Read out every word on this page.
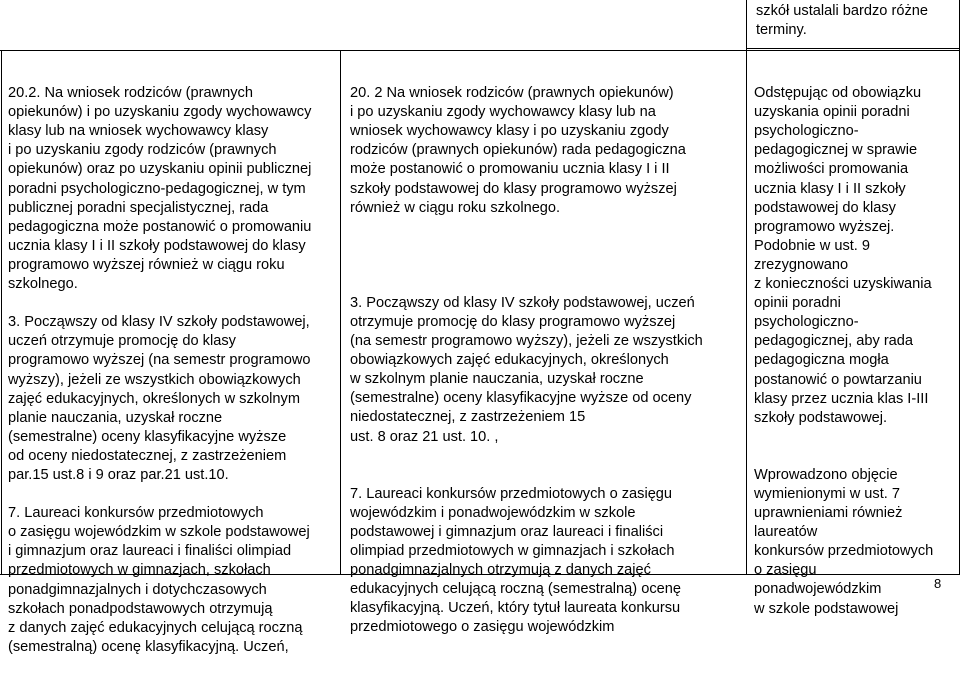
szkół ustalali bardzo różne
terminy.

20.2. Na wniosek rodziców (prawnych
opiekunów) i po uzyskaniu zgody wychowawcy
klasy lub na wniosek wychowawcy klasy
i po uzyskaniu zgody rodziców (prawnych
opiekunów) oraz po uzyskaniu opinii publicznej
poradni psychologiczno-pedagogicznej, w tym
publicznej poradni specjalistycznej, rada
pedagogiczna może postanowić o promowaniu
ucznia klasy I i II szkoły podstawowej do klasy
programowo wyższej również w ciągu roku
szkolnego.

3. Począwszy od klasy IV szkoły podstawowej,
uczeń otrzymuje promocję do klasy
programowo wyższej (na semestr programowo
wyższy), jeżeli ze wszystkich obowiązkowych
zajęć edukacyjnych, określonych w szkolnym
planie nauczania, uzyskał roczne
(semestralne) oceny klasyfikacyjne wyższe
od oceny niedostatecznej, z zastrzeżeniem
par.15 ust.8 i 9 oraz par.21 ust.10.

7. Laureaci konkursów przedmiotowych
o zasięgu wojewódzkim w szkole podstawowej
i gimnazjum oraz laureaci i finaliści olimpiad
przedmiotowych w gimnazjach, szkołach
ponadgimnazjalnych i dotychczasowych
szkołach ponadpodstawowych otrzymują
z danych zajęć edukacyjnych celującą roczną
(semestralną) ocenę klasyfikacyjną. Uczeń,

20. 2 Na wniosek rodziców (prawnych opiekunów)
i po uzyskaniu zgody wychowawcy klasy lub na
wniosek wychowawcy klasy i po uzyskaniu zgody
rodziców (prawnych opiekunów) rada pedagogiczna
może postanowić o promowaniu ucznia klasy I i II
szkoły podstawowej do klasy programowo wyższej
również w ciągu roku szkolnego.

3. Począwszy od klasy IV szkoły podstawowej, uczeń
otrzymuje promocję do klasy programowo wyższej
(na semestr programowo wyższy), jeżeli ze wszystkich
obowiązkowych zajęć edukacyjnych, określonych
w szkolnym planie nauczania, uzyskał roczne
(semestralne) oceny klasyfikacyjne wyższe od oceny
niedostatecznej, z zastrzeżeniem 15
ust. 8 oraz 21 ust. 10. ,

7. Laureaci konkursów przedmiotowych o zasięgu
wojewódzkim i ponadwojewódzkim w szkole
podstawowej i gimnazjum oraz laureaci i finaliści
olimpiad przedmiotowych w gimnazjach i szkołach
ponadgimnazjalnych otrzymują z danych zajęć
edukacyjnych celującą roczną (semestralną) ocenę
klasyfikacyjną. Uczeń, który tytuł laureata konkursu
przedmiotowego o zasięgu wojewódzkim

Odstępując od obowiązku
uzyskania opinii poradni
psychologiczno-
pedagogicznej w sprawie
możliwości promowania
ucznia klasy I i II szkoły
podstawowej do klasy
programowo wyższej.
Podobnie w ust. 9
zrezygnowano
z konieczności uzyskiwania
opinii poradni
psychologiczno-
pedagogicznej, aby rada
pedagogiczna mogła
postanowić o powtarzaniu
klasy przez ucznia klas I-III
szkoły podstawowej.

Wprowadzono objęcie
wymienionymi w ust. 7
uprawnieniami również
laureatów
konkursów przedmiotowych
o zasięgu
ponadwojewódzkim
w szkole podstawowej

8
